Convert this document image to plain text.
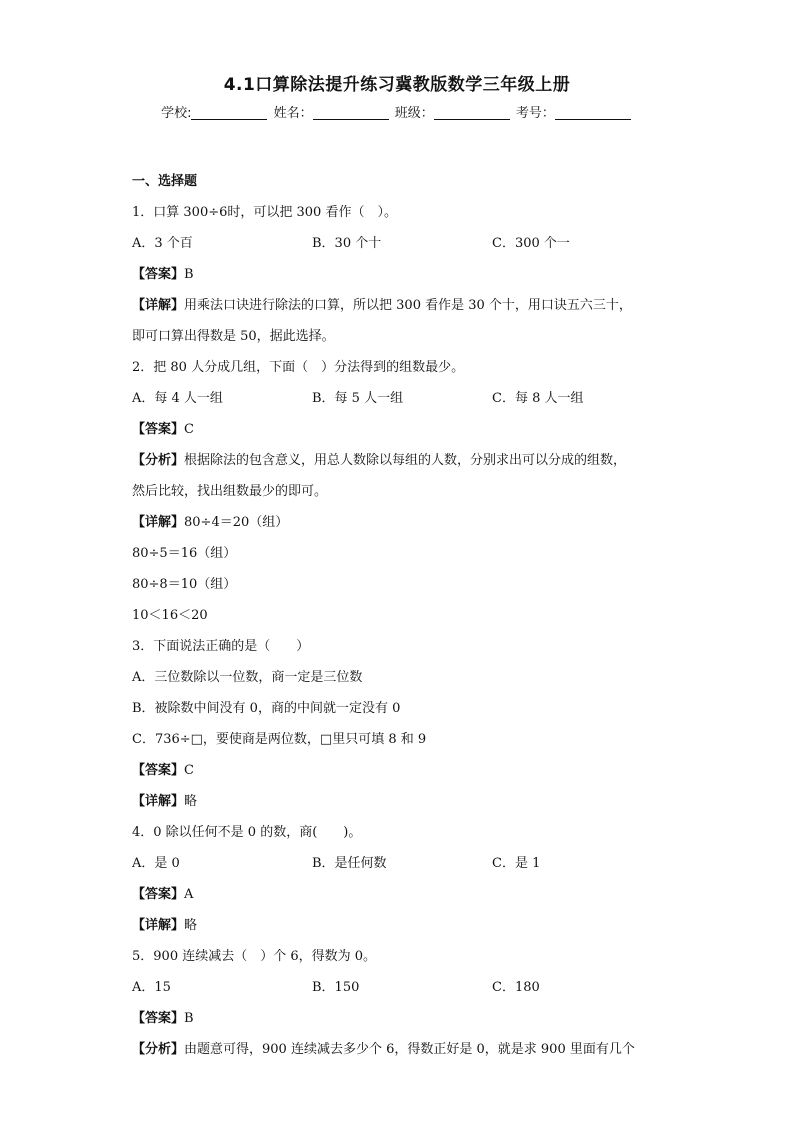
4.1口算除法提升练习冀教版数学三年级上册
学校:	姓名：	班级：	考号：
一、选择题
1．口算 300÷6时，可以把 300 看作（　）。
A．3 个百	B．30 个十	C．300 个一
【答案】B
【详解】用乘法口诀进行除法的口算，所以把 300 看作是 30 个十，用口诀五六三十，
即可口算出得数是 50，据此选择。
2．把 80 人分成几组，下面（　）分法得到的组数最少。
A．每 4 人一组	B．每 5 人一组	C．每 8 人一组
【答案】C
【分析】根据除法的包含意义，用总人数除以每组的人数，分别求出可以分成的组数，
然后比较，找出组数最少的即可。
【详解】80÷4＝20（组）
80÷5＝16（组）
80÷8＝10（组）
10＜16＜20
3．下面说法正确的是（　　）
A．三位数除以一位数，商一定是三位数
B．被除数中间没有 0，商的中间就一定没有 0
C．736÷□，要使商是两位数，□里只可填 8 和 9
【答案】C
【详解】略
4．0 除以任何不是 0 的数，商(　　)。
A．是 0	B．是任何数	C．是 1
【答案】A
【详解】略
5．900 连续减去（　）个 6，得数为 0。
A．15	B．150	C．180
【答案】B
【分析】由题意可得，900 连续减去多少个 6，得数正好是 0，就是求 900 里面有几个
